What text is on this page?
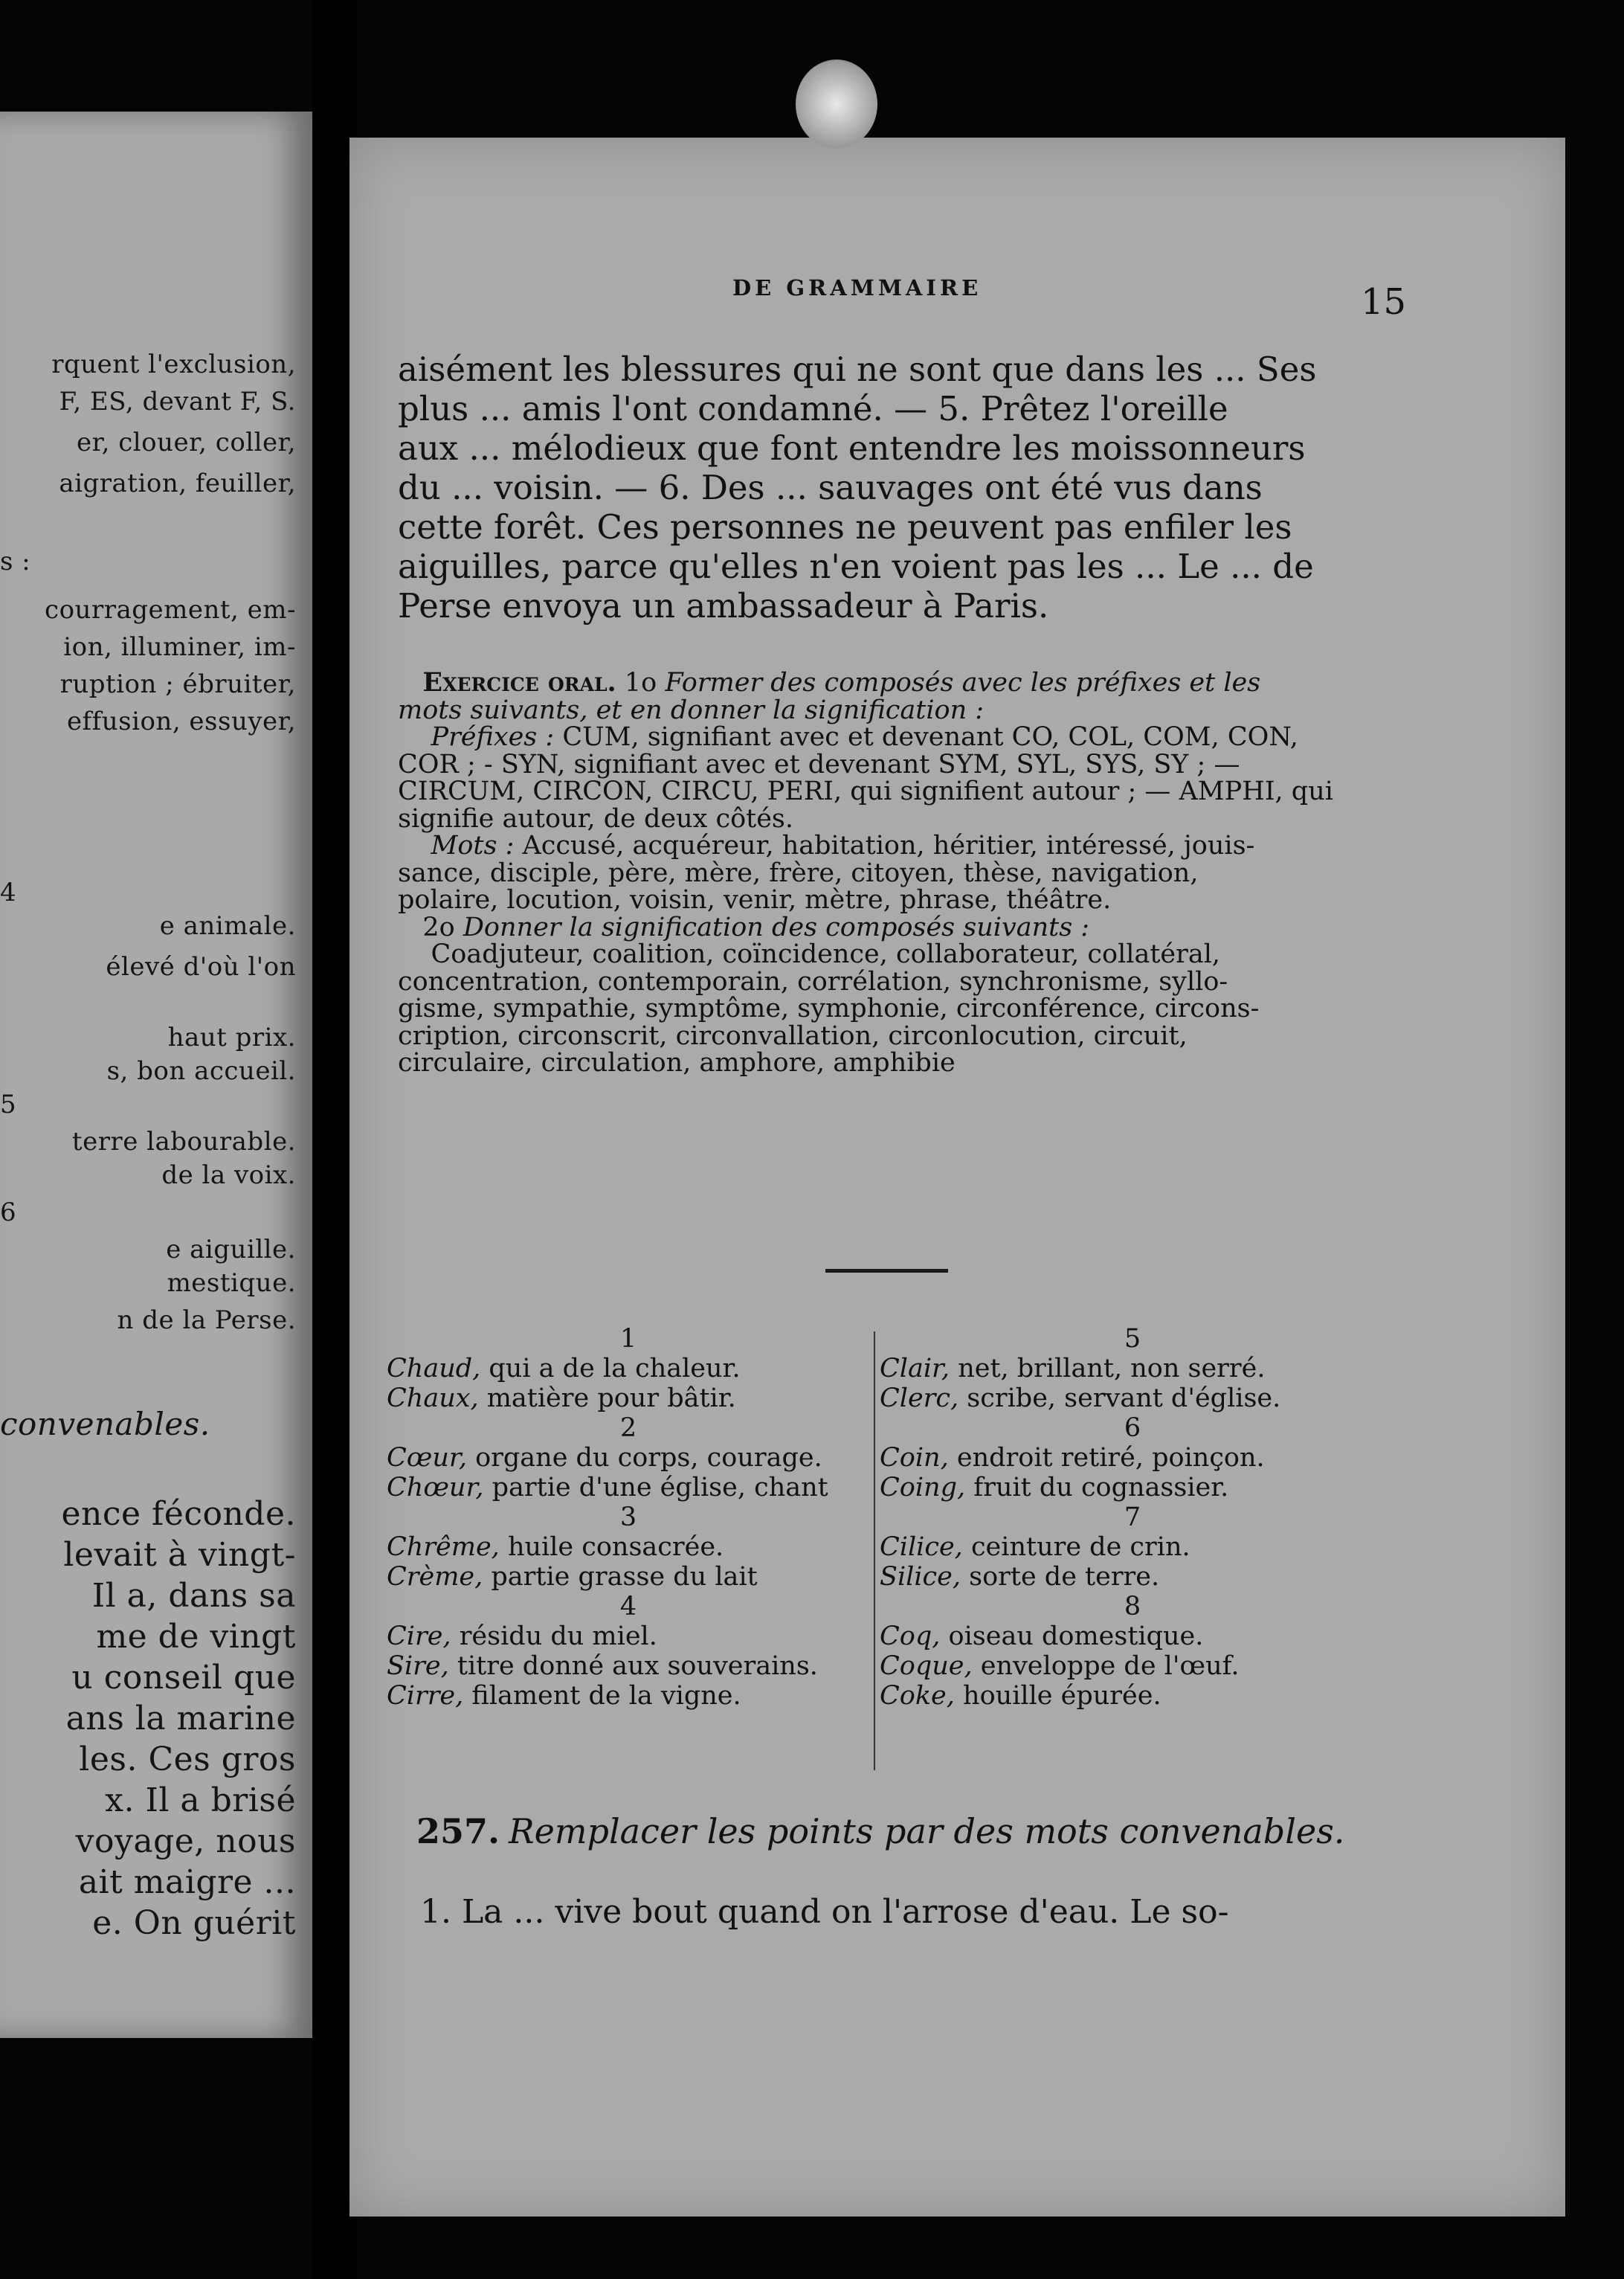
rquent l'exclusion,
F, ES, devant F, S.
er, clouer, coller,
aigration, feuiller,
s :
courragement, em-
ion, illuminer, im-
ruption ; ébruiter,
effusion, essuyer,
4
e animale.
élevé d'où l'on
haut prix.
s, bon accueil.
5
terre labourable.
de la voix.
6
e aiguille.
mestique.
n de la Perse.
convenables.
ence féconde.
levait à vingt-
Il a, dans sa
me de vingt
u conseil que
ans la marine
les. Ces gros
x. Il a brisé
voyage, nous
ait maigre ...
e. On guérit
DE GRAMMAIRE	15
aisément les blessures qui ne sont que dans les ... Ses
plus ... amis l'ont condamné. — 5. Prêtez l'oreille
aux ... mélodieux que font entendre les moissonneurs
du ... voisin. — 6. Des ... sauvages ont été vus dans
cette forêt. Ces personnes ne peuvent pas enfiler les
aiguilles, parce qu'elles n'en voient pas les ... Le ... de
Perse envoya un ambassadeur à Paris.
Exercice oral. 1o Former des composés avec les préfixes et les
mots suivants, et en donner la signification :
Préfixes : CUM, signifiant avec et devenant CO, COL, COM, CON,
COR ; - SYN, signifiant avec et devenant SYM, SYL, SYS, SY ; —
CIRCUM, CIRCON, CIRCU, PERI, qui signifient autour ; — AMPHI, qui
signifie autour, de deux côtés.
Mots : Accusé, acquéreur, habitation, héritier, intéressé, jouis-
sance, disciple, père, mère, frère, citoyen, thèse, navigation,
polaire, locution, voisin, venir, mètre, phrase, théâtre.
2o Donner la signification des composés suivants :
Coadjuteur, coalition, coïncidence, collaborateur, collatéral,
concentration, contemporain, corrélation, synchronisme, syllo-
gisme, sympathie, symptôme, symphonie, circonférence, circons-
cription, circonscrit, circonvallation, circonlocution, circuit,
circulaire, circulation, amphore, amphibie
1
Chaud, qui a de la chaleur.
Chaux, matière pour bâtir.
2
Cœur, organe du corps, courage.
Chœur, partie d'une église, chant
3
Chrême, huile consacrée.
Crème, partie grasse du lait
4
Cire, résidu du miel.
Sire, titre donné aux souverains.
Cirre, filament de la vigne.
5
Clair, net, brillant, non serré.
Clerc, scribe, servant d'église.
6
Coin, endroit retiré, poinçon.
Coing, fruit du cognassier.
7
Cilice, ceinture de crin.
Silice, sorte de terre.
8
Coq, oiseau domestique.
Coque, enveloppe de l'œuf.
Coke, houille épurée.
257. Remplacer les points par des mots convenables.
1. La ... vive bout quand on l'arrose d'eau. Le so-
